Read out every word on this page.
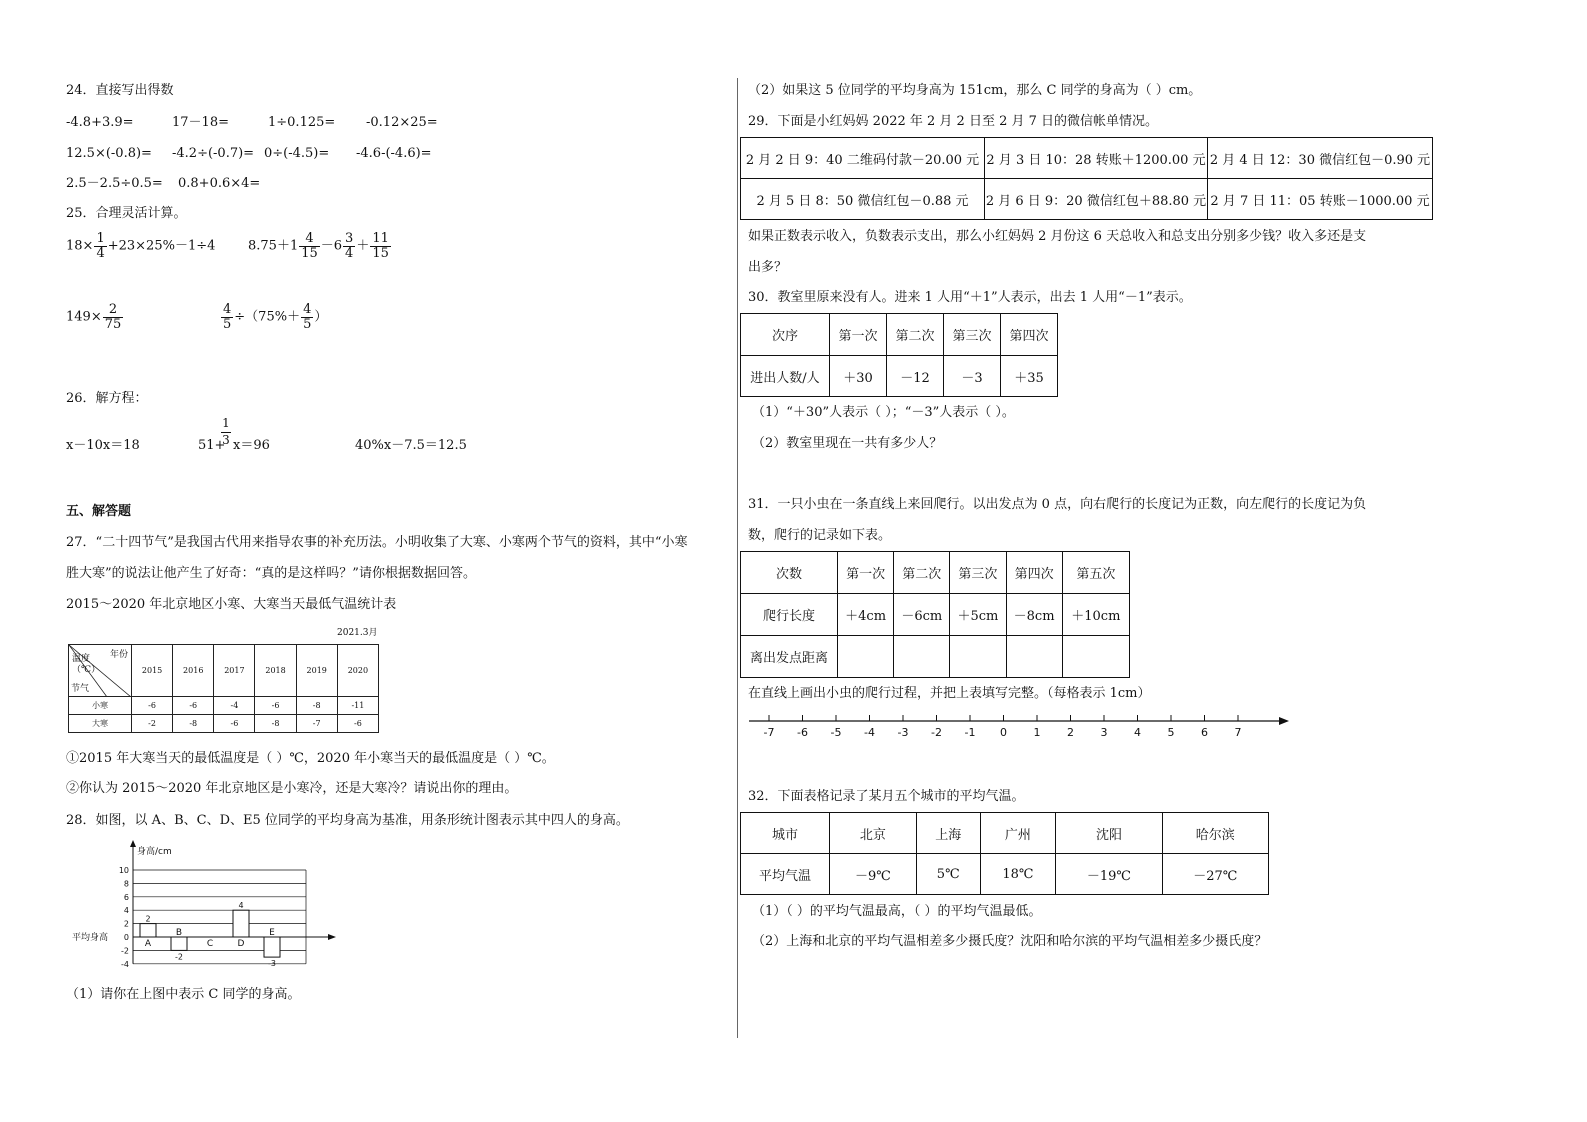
24．直接写出得数
-4.8+3.9=	17－18=	1÷0.125= -0.12×25=
12.5×(-0.8)= -4.2÷(-0.7)= 0÷(-4.5)= -4.6-(-4.6)=
2.5－2.5÷0.5= 0.8+0.6×4=
25．合理灵活计算。
$18\times \frac{1}{4} +23\times 25\%-1\div 4$	$8.75+1 \frac{4}{15} -6 \frac{3}{4} + \frac{11}{15}$
$149\times \frac{2}{75}$	$\frac{4}{5} \div(75\%+ \frac{4}{5}$ ）
26．解方程：
x－10x＝18	51+
1
3 x＝96	40%x－7.5＝12.5
五、解答题
27．“二十四节气”是我国古代用来指导农事的补充历法。小明收集了大寒、小寒两个节气的资料，其中“小寒
胜大寒”的说法让他产生了好奇：“真的是这样吗？”请你根据数据回答。
2015～2020 年北京地区小寒、大寒当天最低气温统计表
2021.3月
年份
温度
（℃）
节气	2015	2016	2017	2018	2019	2020
小寒	-6	-6	-4	-6	-8	-11
大寒	-2	-8	-6	-8	-7	-6
①2015 年大寒当天的最低温度是（ ）℃，2020 年小寒当天的最低温度是（ ）℃。
②你认为 2015～2020 年北京地区是小寒冷，还是大寒冷？请说出你的理由。
28．如图，以 A、B、C、D、E5 位同学的平均身高为基准，用条形统计图表示其中四人的身高。
身高/cm
-4
-2
0
2
4
6
8
10
平均身高
2
A
-2
B
C
4
D
-3
E
（1）请你在上图中表示 C 同学的身高。
（2）如果这 5 位同学的平均身高为 151cm，那么 C 同学的身高为（ ）cm。
29．下面是小红妈妈 2022 年 2 月 2 日至 2 月 7 日的微信帐单情况。
2 月 2 日 9：40 二维码付款－20.00 元	2 月 3 日 10：28 转账＋1200.00 元	2 月 4 日 12：30 微信红包－0.90 元
2 月 5 日 8：50 微信红包－0.88 元	2 月 6 日 9：20 微信红包＋88.80 元	2 月 7 日 11：05 转账－1000.00 元
如果正数表示收入，负数表示支出，那么小红妈妈 2 月份这 6 天总收入和总支出分别多少钱？收入多还是支
出多？
30．教室里原来没有人。进来 1 人用“＋1”人表示，出去 1 人用“－1”表示。
次序	第一次	第二次	第三次	第四次
进出人数/人	＋30	－12	－3	＋35
（1）“＋30”人表示（ ）；“－3”人表示（ ）。
（2）教室里现在一共有多少人？
31．一只小虫在一条直线上来回爬行。以出发点为 0 点，向右爬行的长度记为正数，向左爬行的长度记为负
数，爬行的记录如下表。
次数	第一次	第二次	第三次	第四次	第五次
爬行长度	＋4cm	－6cm	＋5cm	－8cm	＋10cm
离出发点距离					
在直线上画出小虫的爬行过程，并把上表填写完整。（每格表示 1cm）
-7 -6 -5 -4 -3 -2 -1 0 1 2 3 4 5 6 7
32．下面表格记录了某月五个城市的平均气温。
城市	北京	上海	广州	沈阳	哈尔滨
平均气温	－9℃	5℃	18℃	－19℃	－27℃
（1）（ ）的平均气温最高，（ ）的平均气温最低。
（2）上海和北京的平均气温相差多少摄氏度？沈阳和哈尔滨的平均气温相差多少摄氏度？
